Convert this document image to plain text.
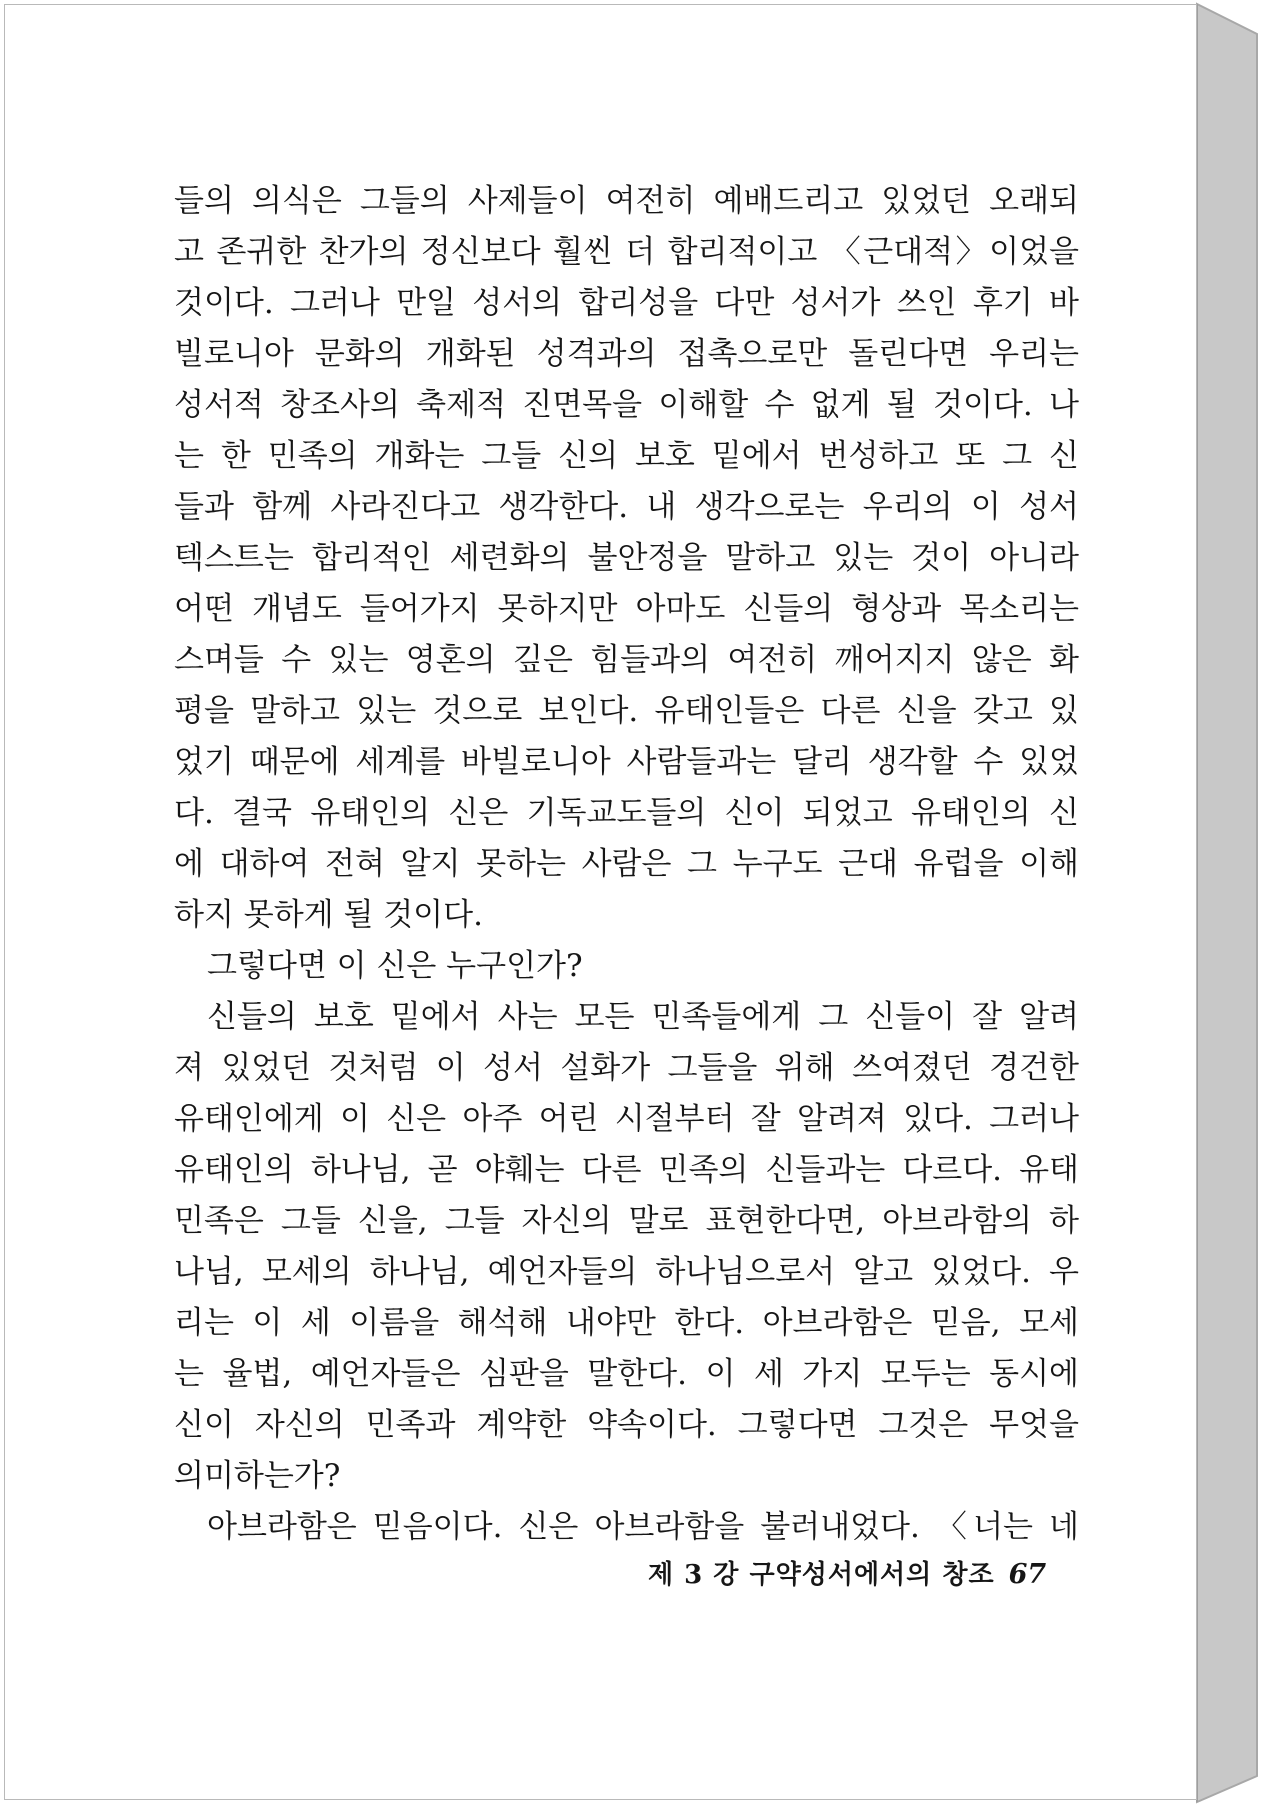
들의 의식은 그들의 사제들이 여전히 예배드리고 있었던 오래되
고 존귀한 찬가의 정신보다 훨씬 더 합리적이고 〈근대적〉이었을
것이다. 그러나 만일 성서의 합리성을 다만 성서가 쓰인 후기 바
빌로니아 문화의 개화된 성격과의 접촉으로만 돌린다면 우리는
성서적 창조사의 축제적 진면목을 이해할 수 없게 될 것이다. 나
는 한 민족의 개화는 그들 신의 보호 밑에서 번성하고 또 그 신
들과 함께 사라진다고 생각한다. 내 생각으로는 우리의 이 성서
텍스트는 합리적인 세련화의 불안정을 말하고 있는 것이 아니라
어떤 개념도 들어가지 못하지만 아마도 신들의 형상과 목소리는
스며들 수 있는 영혼의 깊은 힘들과의 여전히 깨어지지 않은 화
평을 말하고 있는 것으로 보인다. 유태인들은 다른 신을 갖고 있
었기 때문에 세계를 바빌로니아 사람들과는 달리 생각할 수 있었
다. 결국 유태인의 신은 기독교도들의 신이 되었고 유태인의 신
에 대하여 전혀 알지 못하는 사람은 그 누구도 근대 유럽을 이해
하지 못하게 될 것이다.
그렇다면 이 신은 누구인가?
신들의 보호 밑에서 사는 모든 민족들에게 그 신들이 잘 알려
져 있었던 것처럼 이 성서 설화가 그들을 위해 쓰여졌던 경건한
유태인에게 이 신은 아주 어린 시절부터 잘 알려져 있다. 그러나
유태인의 하나님, 곧 야훼는 다른 민족의 신들과는 다르다. 유태
민족은 그들 신을, 그들 자신의 말로 표현한다면, 아브라함의 하
나님, 모세의 하나님, 예언자들의 하나님으로서 알고 있었다. 우
리는 이 세 이름을 해석해 내야만 한다. 아브라함은 믿음, 모세
는 율법, 예언자들은 심판을 말한다. 이 세 가지 모두는 동시에
신이 자신의 민족과 계약한 약속이다. 그렇다면 그것은 무엇을
의미하는가?
아브라함은 믿음이다. 신은 아브라함을 불러내었다. 〈너는 네
제 3 강 구약성서에서의 창조 67
